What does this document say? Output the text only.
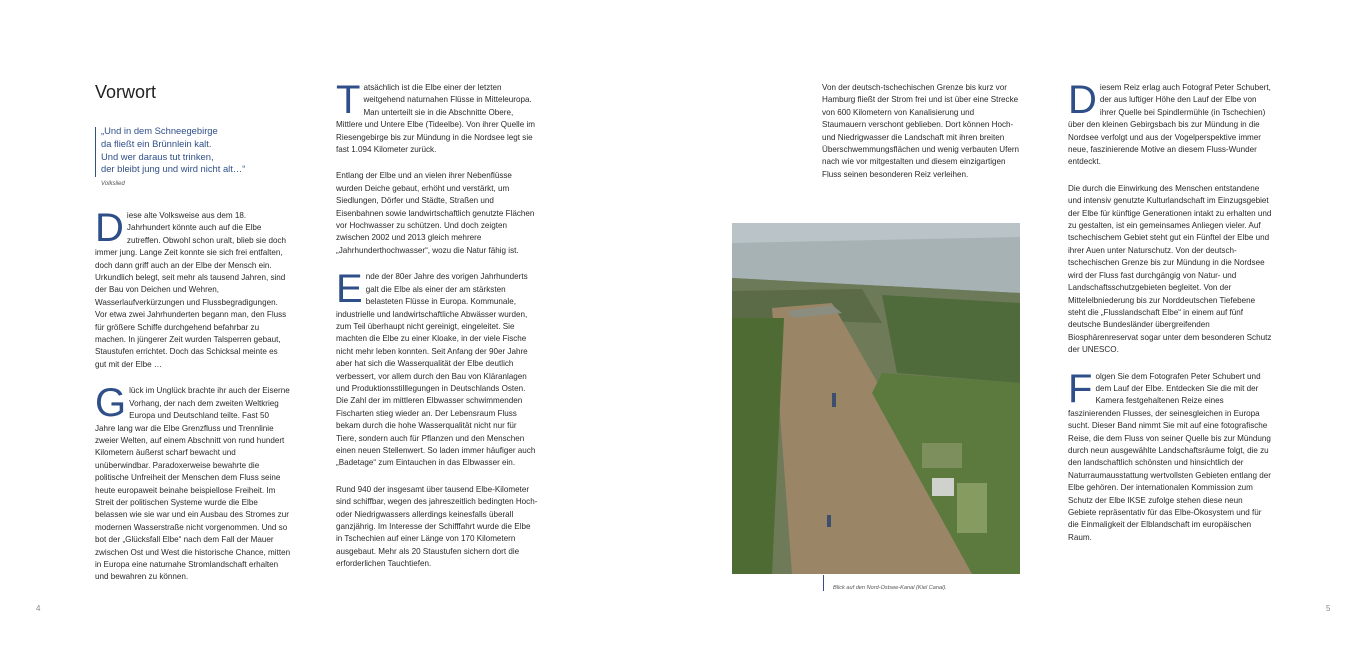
Vorwort
„Und in dem Schneegebirge
da fließt ein Brünnlein kalt.
Und wer daraus tut trinken,
der bleibt jung und wird nicht alt…“
Volkslied

Diese alte Volksweise aus dem 18. Jahrhundert könnte auch auf die Elbe zutreffen. Obwohl schon uralt, blieb sie doch immer jung. Lange Zeit konnte sie sich frei entfalten, doch dann griff auch an der Elbe der Mensch ein. Urkundlich belegt, seit mehr als tausend Jahren, sind der Bau von Deichen und Wehren, Wasserlaufverkürzungen und Flussbegradigungen. Vor etwa zwei Jahrhunderten begann man, den Fluss für größere Schiffe durchgehend befahrbar zu machen. In jüngerer Zeit wurden Talsperren gebaut, Staustufen errichtet. Doch das Schicksal meinte es gut mit der Elbe …

Glück im Unglück brachte ihr auch der Eiserne Vorhang, der nach dem zweiten Weltkrieg Europa und Deutschland teilte. Fast 50 Jahre lang war die Elbe Grenzfluss und Trennlinie zweier Welten, auf einem Abschnitt von rund hundert Kilometern äußerst scharf bewacht und unüberwindbar. Paradoxerweise bewahrte die politische Unfreiheit der Menschen dem Fluss seine heute europaweit beinahe beispiellose Freiheit. Im Streit der politischen Systeme wurde die Elbe belassen wie sie war und ein Ausbau des Stromes zur modernen Wasserstraße nicht vorgenommen. Und so bot der „Glücksfall Elbe“ nach dem Fall der Mauer zwischen Ost und West die historische Chance, mitten in Europa eine naturnahe Stromlandschaft erhalten und bewahren zu können.

Tatsächlich ist die Elbe einer der letzten weitgehend naturnahen Flüsse in Mitteleuropa. Man unterteilt sie in die Abschnitte Obere, Mittlere und Untere Elbe (Tideelbe). Von ihrer Quelle im Riesengebirge bis zur Mündung in die Nordsee legt sie fast 1.094 Kilometer zurück.

Entlang der Elbe und an vielen ihrer Nebenflüsse wurden Deiche gebaut, erhöht und verstärkt, um Siedlungen, Dörfer und Städte, Straßen und Eisenbahnen sowie landwirtschaftlich genutzte Flächen vor Hochwasser zu schützen. Und doch zeigten zwischen 2002 und 2013 gleich mehrere „Jahrhunderthochwasser“, wozu die Natur fähig ist.

Ende der 80er Jahre des vorigen Jahrhunderts galt die Elbe als einer der am stärksten belasteten Flüsse in Europa. Kommunale, industrielle und landwirtschaftliche Abwässer wurden, zum Teil überhaupt nicht gereinigt, eingeleitet. Sie machten die Elbe zu einer Kloake, in der viele Fische nicht mehr leben konnten. Seit Anfang der 90er Jahre aber hat sich die Wasserqualität der Elbe deutlich verbessert, vor allem durch den Bau von Kläranlagen und Produktionsstilllegungen in Deutschlands Osten. Die Zahl der im mittleren Elbwasser schwimmenden Fischarten stieg wieder an. Der Lebensraum Fluss bekam durch die hohe Wasserqualität nicht nur für Tiere, sondern auch für Pflanzen und den Menschen einen neuen Stellenwert. So laden immer häufiger auch „Badetage“ zum Eintauchen in das Elbwasser ein.

Rund 940 der insgesamt über tausend Elbe-Kilometer sind schiffbar, wegen des jahreszeitlich bedingten Hoch- oder Niedrigwassers allerdings keinesfalls überall ganzjährig. Im Interesse der Schifffahrt wurde die Elbe in Tschechien auf einer Länge von 170 Kilometern ausgebaut. Mehr als 20 Staustufen sichern dort die erforderlichen Tauchtiefen.

Von der deutsch-tschechischen Grenze bis kurz vor Hamburg fließt der Strom frei und ist über eine Strecke von 600 Kilometern von Kanalisierung und Staumauern verschont geblieben. Dort können Hoch- und Niedrigwasser die Landschaft mit ihren breiten Überschwemmungsflächen und wenig verbauten Ufern nach wie vor mitgestalten und diesem einzigartigen Fluss seinen besonderen Reiz verleihen.

Diesem Reiz erlag auch Fotograf Peter Schubert, der aus luftiger Höhe den Lauf der Elbe von ihrer Quelle bei Spindlermühle (in Tschechien) über den kleinen Gebirgsbach bis zur Mündung in die Nordsee verfolgt und aus der Vogelperspektive immer neue, faszinierende Motive an diesem Fluss-Wunder entdeckt.

Die durch die Einwirkung des Menschen entstandene und intensiv genutzte Kulturlandschaft im Einzugsgebiet der Elbe für künftige Generationen intakt zu erhalten und zu gestalten, ist ein gemeinsames Anliegen vieler. Auf tschechischem Gebiet steht gut ein Fünftel der Elbe und ihrer Auen unter Naturschutz. Von der deutsch-tschechischen Grenze bis zur Mündung in die Nordsee wird der Fluss fast durchgängig von Natur- und Landschaftsschutzgebieten begleitet. Von der Mittelelbniederung bis zur Norddeutschen Tiefebene steht die „Flusslandschaft Elbe“ in einem auf fünf deutsche Bundesländer übergreifenden Biosphärenreservat sogar unter dem besonderen Schutz der UNESCO.

Folgen Sie dem Fotografen Peter Schubert und dem Lauf der Elbe. Entdecken Sie die mit der Kamera festgehaltenen Reize eines faszinierenden Flusses, der seinesgleichen in Europa sucht. Dieser Band nimmt Sie mit auf eine fotografische Reise, die dem Fluss von seiner Quelle bis zur Mündung durch neun ausgewählte Landschaftsräume folgt, die zu den landschaftlich schönsten und hinsichtlich der Naturraumausstattung wertvollsten Gebieten entlang der Elbe gehören. Der internationalen Kommission zum Schutz der Elbe IKSE zufolge stehen diese neun Gebiete repräsentativ für das Elbe-Ökosystem und für die Einmaligkeit der Elblandschaft im europäischen Raum.

Blick auf den Nord-Ostsee-Kanal (Kiel Canal).
4	5
